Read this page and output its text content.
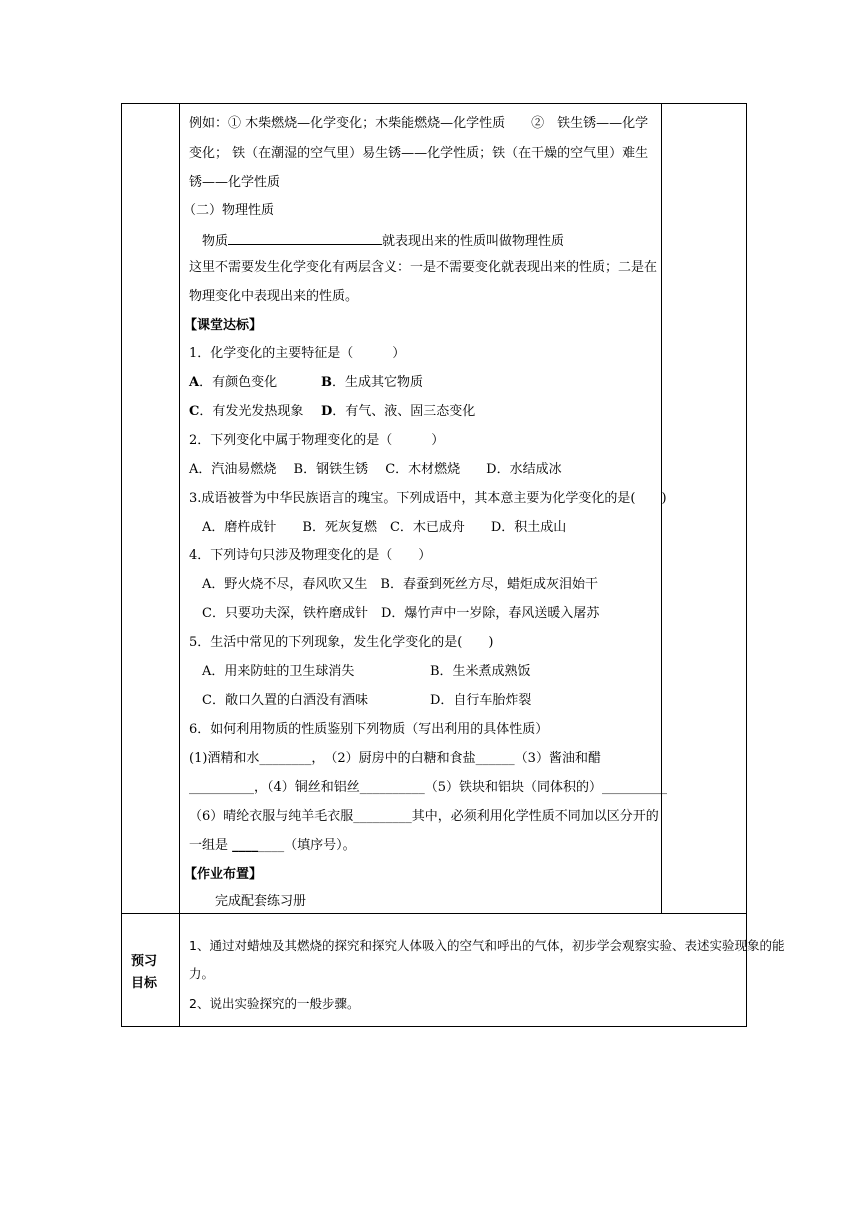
例如：① 木柴燃烧—化学变化；木柴能燃烧—化学性质　　②　铁生锈——化学
变化； 铁（在潮湿的空气里）易生锈——化学性质；铁（在干燥的空气里）难生
锈——化学性质
（二）物理性质
物质	就表现出来的性质叫做物理性质
这里不需要发生化学变化有两层含义：一是不需要变化就表现出来的性质；二是在
物理变化中表现出来的性质。
【课堂达标】
1．化学变化的主要特征是（　　　）
A．有颜色变化	B．生成其它物质
C．有发光发热现象 D．有气、液、固三态变化
2．下列变化中属于物理变化的是（　　　）
A．汽油易燃烧　 B．钢铁生锈　 C．木材燃烧　　D．水结成冰
3.成语被誉为中华民族语言的瑰宝。下列成语中，其本意主要为化学变化的是(　　)
A．磨杵成针　　B．死灰复燃　C．木已成舟　　D．积土成山
4．下列诗句只涉及物理变化的是（　　）
A．野火烧不尽，春风吹又生　B．春蚕到死丝方尽，蜡炬成灰泪始干
C．只要功夫深，铁杵磨成针　D．爆竹声中一岁除，春风送暖入屠苏
5．生活中常见的下列现象，发生化学变化的是(　　)
A．用来防蛀的卫生球消失	B．生米煮成熟饭
C．敞口久置的白酒没有酒味	D．自行车胎炸裂
6．如何利用物质的性质鉴别下列物质（写出利用的具体性质）
(1)酒精和水________，　（2）厨房中的白糖和食盐______（3）酱油和醋
__________，（4）铜丝和铝丝__________（5）铁块和铝块（同体积的）__________
（6）晴纶衣服与纯羊毛衣服_________其中，必须利用化学性质不同加以区分开的
一组是 ________（填序号）。
【作业布置】
完成配套练习册
预习
目标
1、通过对蜡烛及其燃烧的探究和探究人体吸入的空气和呼出的气体，初步学会观察实验、表述实验现象的能
力。
2、说出实验探究的一般步骤。
